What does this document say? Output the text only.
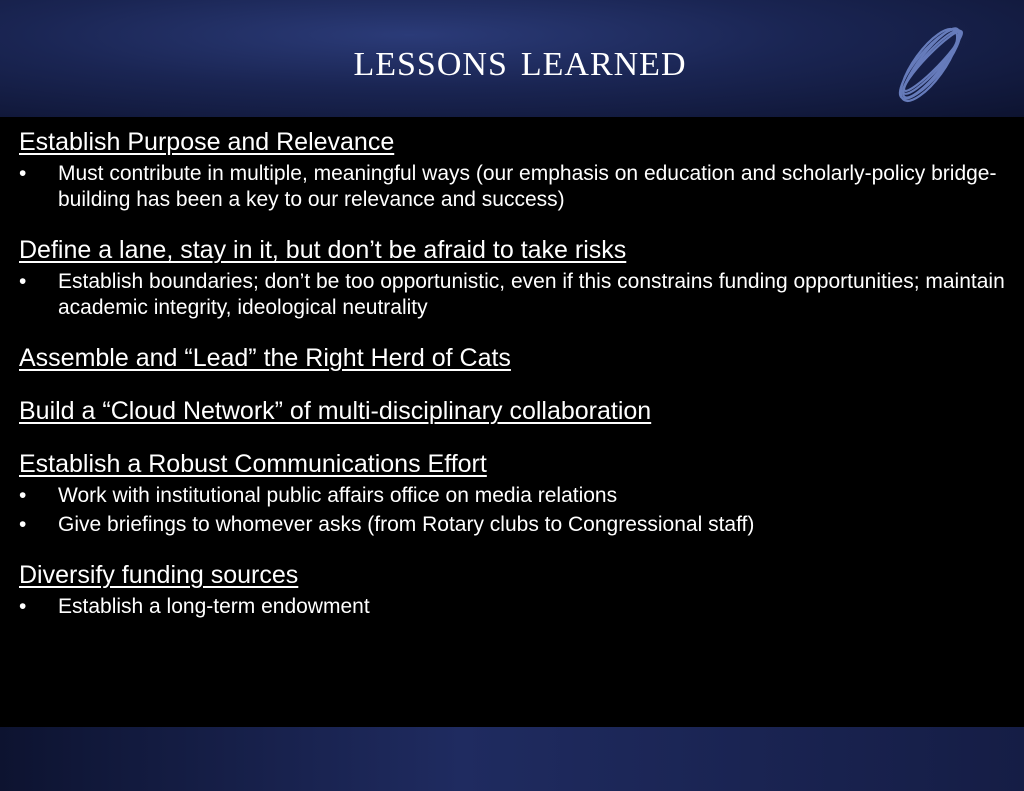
lessons learned
Establish Purpose and Relevance
• Must contribute in multiple, meaningful ways (our emphasis on education and scholarly-policy bridge-building has been a key to our relevance and success)
Define a lane, stay in it, but don’t be afraid to take risks
• Establish boundaries; don’t be too opportunistic, even if this constrains funding opportunities; maintain academic integrity, ideological neutrality
Assemble and “Lead” the Right Herd of Cats
Build a “Cloud Network” of multi-disciplinary collaboration
Establish a Robust Communications Effort
• Work with institutional public affairs office on media relations
• Give briefings to whomever asks (from Rotary clubs to Congressional staff)
Diversify funding sources
• Establish a long-term endowment
